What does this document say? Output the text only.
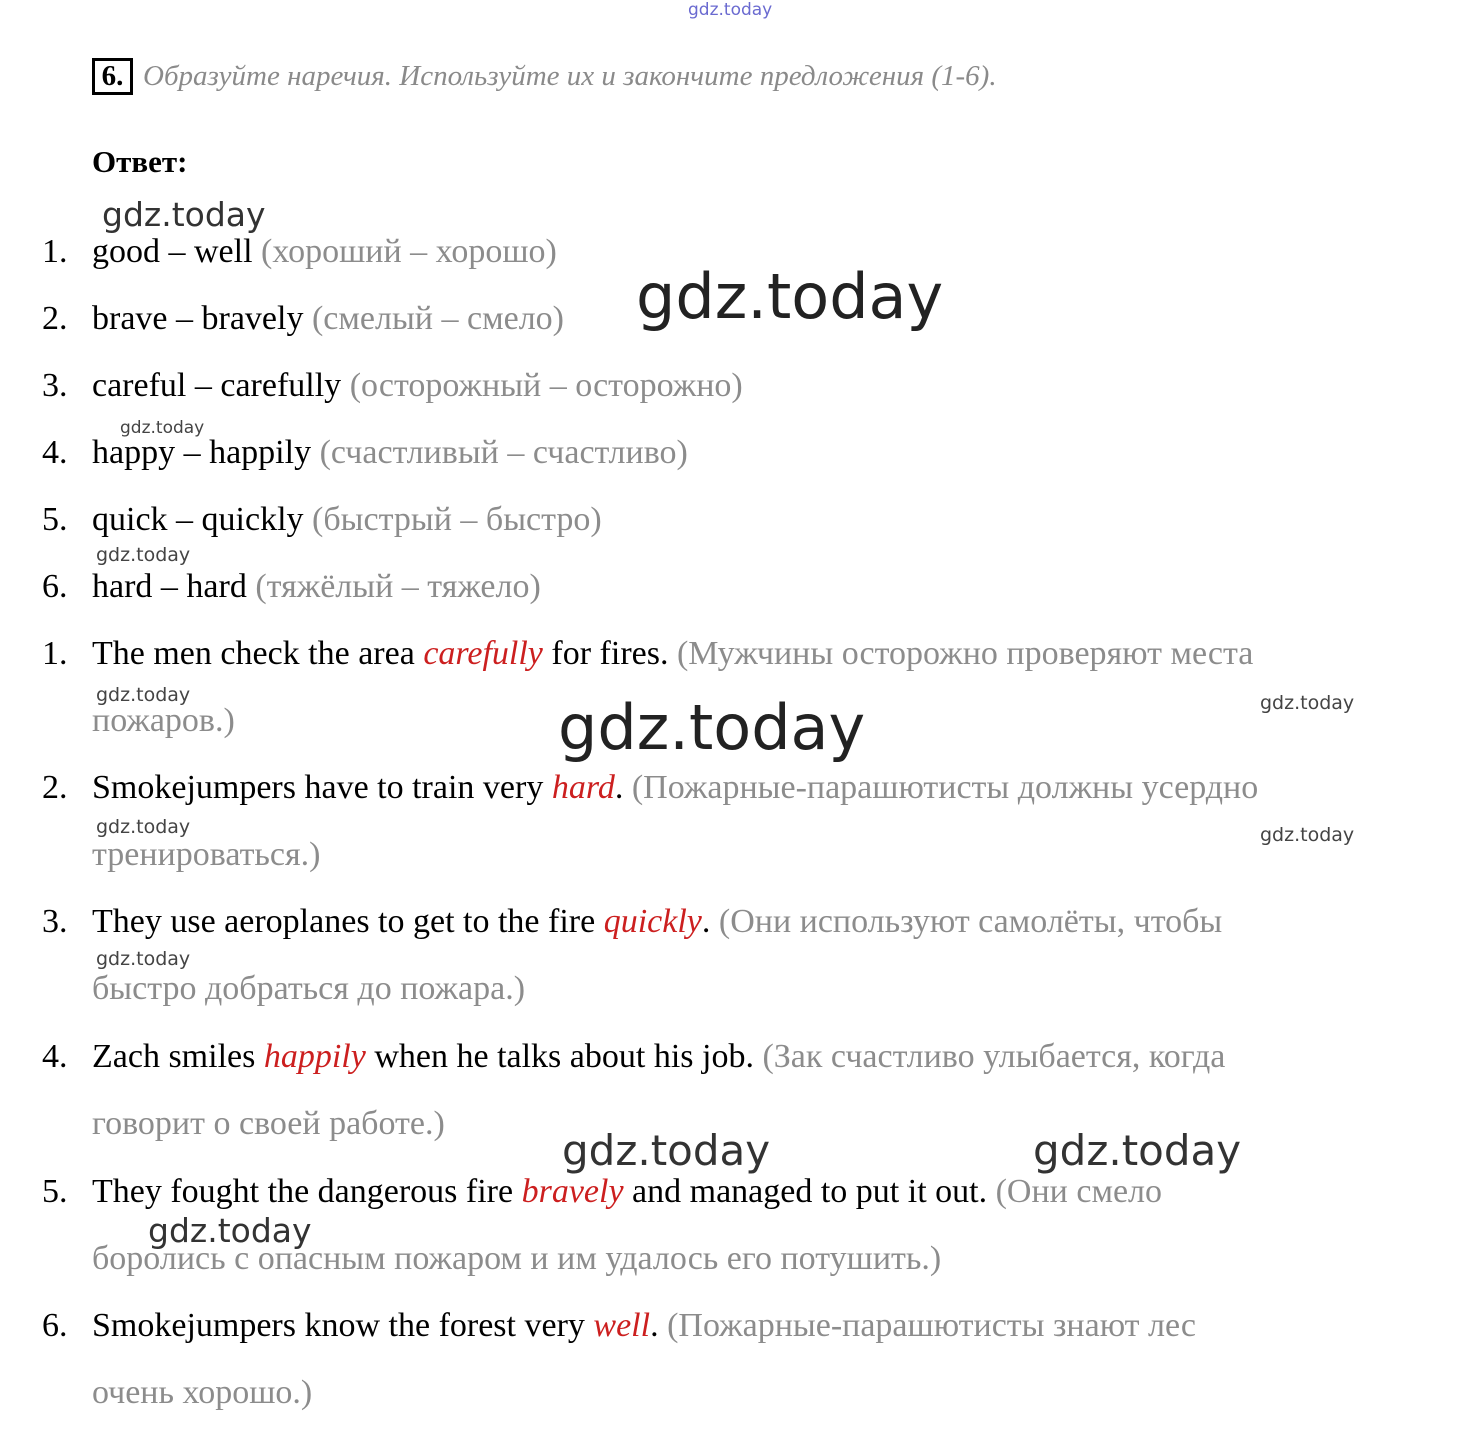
gdz.today
gdz.today
gdz.today
gdz.today
gdz.today
gdz.today	gdz.today	gdz.today
gdz.today	gdz.today
gdz.today
gdz.today	gdz.today
gdz.today
6. Образуйте наречия. Используйте их и закончите предложения (1-6).
Ответ:
1. good – well (хороший – хорошо)
2. brave – bravely (смелый – смело)
3. careful – carefully (осторожный – осторожно)
4. happy – happily (счастливый – счастливо)
5. quick – quickly (быстрый – быстро)
6. hard – hard (тяжёлый – тяжело)
1. The men check the area carefully for fires. (Мужчины осторожно проверяют места
пожаров.)
2. Smokejumpers have to train very hard. (Пожарные-парашютисты должны усердно
тренироваться.)
3. They use aeroplanes to get to the fire quickly. (Они используют самолёты, чтобы
быстро добраться до пожара.)
4. Zach smiles happily when he talks about his job. (Зак счастливо улыбается, когда
говорит о своей работе.)
5. They fought the dangerous fire bravely and managed to put it out. (Они смело
боролись с опасным пожаром и им удалось его потушить.)
6. Smokejumpers know the forest very well. (Пожарные-парашютисты знают лес
очень хорошо.)
